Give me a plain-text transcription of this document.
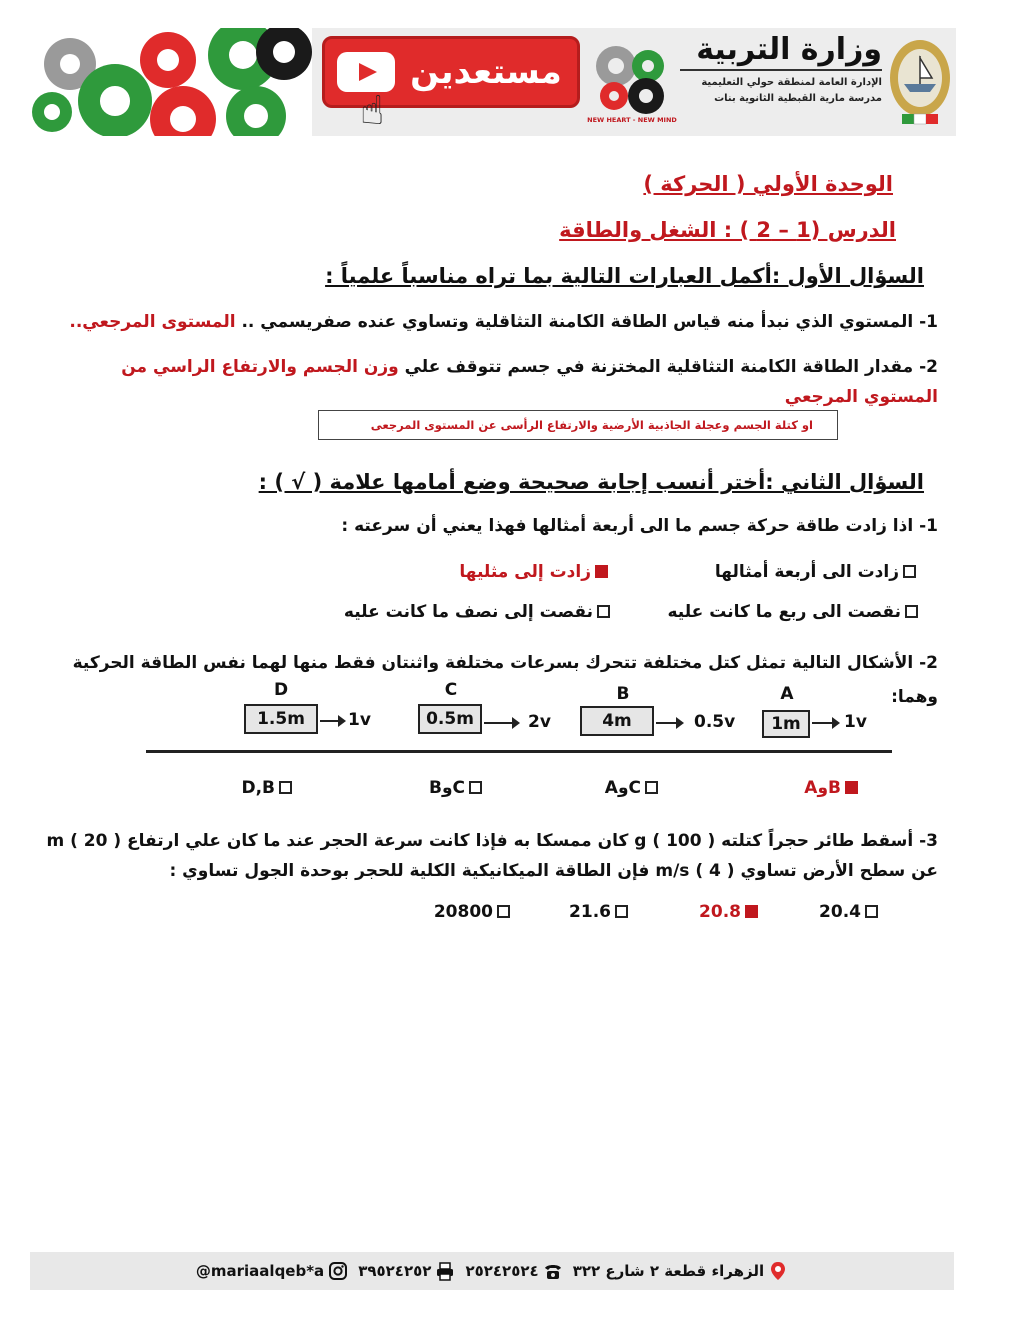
مستعدين
☝	NEW HEART - NEW MIND
وزارة التربية
الإدارة العامة لمنطقة حولي التعليمية
مدرسة مارية القبطية الثانوية بنات
الوحدة الأولي ( الحركة )
الدرس (1 – 2 ) : الشغل والطاقة
السؤال الأول :أكمل العبارات التالية بما تراه مناسباً علمياً :
1- المستوي الذي نبدأ منه قياس الطاقة الكامنة التثاقلية وتساوي عنده صفريسمي .. المستوى المرجعي..
2- مقدار الطاقة الكامنة التثاقلية المختزنة في جسم تتوقف علي وزن الجسم والارتفاع الراسي من المستوي المرجعي
او كتلة الجسم وعجلة الجاذبية الأرضية والارتفاع الرأسى عن المستوى المرجعى
السؤال الثاني :أختر أنسب إجابة صحيحة وضع أمامها علامة ( √ ) :
1- اذا زادت طاقة حركة جسم ما الى أربعة أمثالها فهذا يعني أن سرعته :
زادت الى أربعة أمثالها
زادت إلى مثليها
نقصت الى ربع ما كانت عليه
نقصت إلى نصف ما كانت عليه
2- الأشكال التالية تمثل كتل مختلفة تتحرك بسرعات مختلفة واثنتان فقط منها لهما نفس الطاقة الحركية وهما:
D
1.5m	1v
C
0.5m	2v
B
4m	0.5v
A
1m	1v
BوA
CوA
CوB
D,B
3- أسقط طائر حجراً كتلته g ( 100 ) كان ممسكا به فإذا كانت سرعة الحجر عند ما كان علي ارتفاع m ( 20 ) عن سطح الأرض تساوي m/s ( 4 ) فإن الطاقة الميكانيكية الكلية للحجر بوحدة الجول تساوي :
20.4
20.8
21.6
20800
الزهراء قطعة ٢ شارع ٣٢٢
٢٥٢٤٢٥٢٤
٣٩٥٢٤٢٥٢
@mariaalqeb*a
